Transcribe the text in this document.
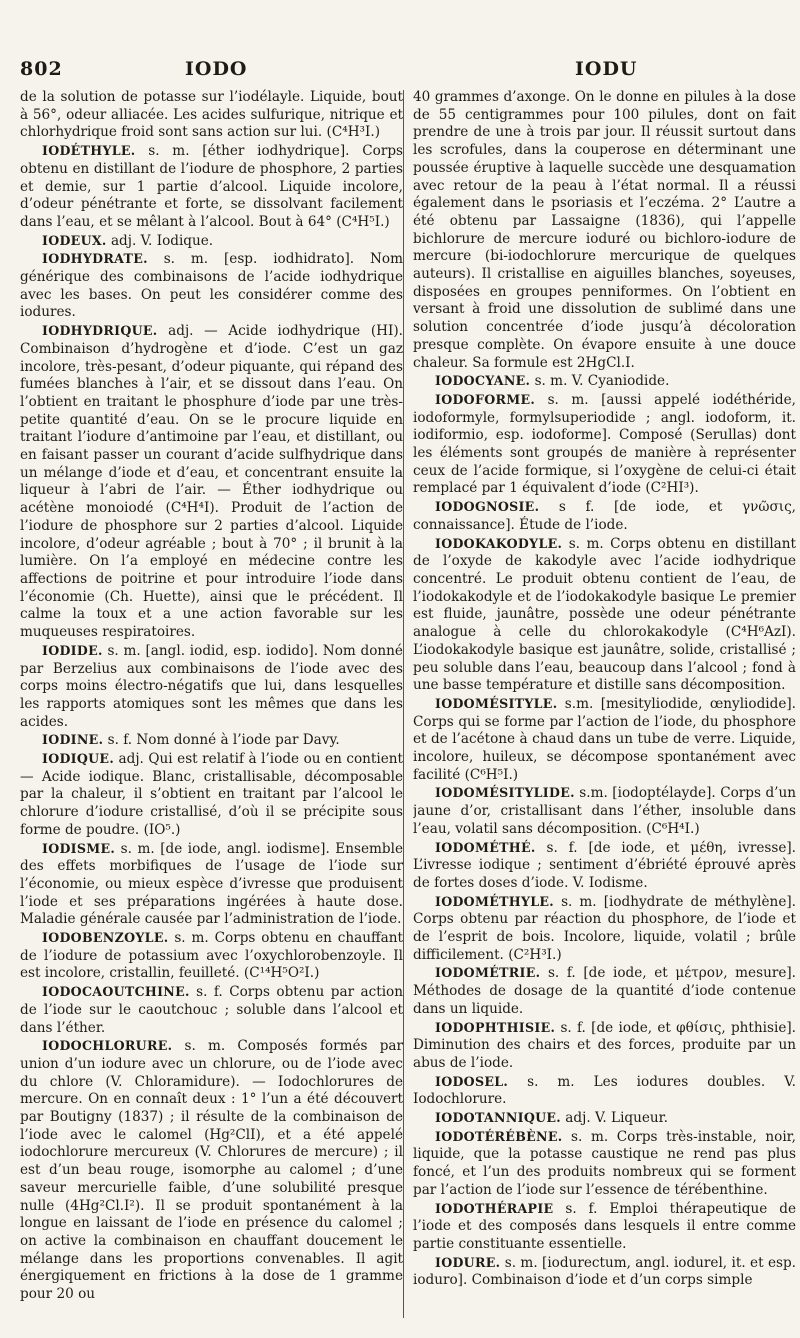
802	IODO	IODU

de la solution de potasse sur l’iodélayle. Liquide, bout à 56°, odeur alliacée. Les acides sulfurique, nitrique et chlorhydrique froid sont sans action sur lui. (C⁴H³I.)

IODÉTHYLE. s. m. [éther iodhydrique]. Corps obtenu en distillant de l’iodure de phosphore, 2 parties et demie, sur 1 partie d’alcool. Liquide incolore, d’odeur pénétrante et forte, se dissolvant facilement dans l’eau, et se mêlant à l’alcool. Bout à 64° (C⁴H⁵I.)

IODEUX. adj. V. Iodique.

IODHYDRATE. s. m. [esp. iodhidrato]. Nom générique des combinaisons de l’acide iodhydrique avec les bases. On peut les considérer comme des iodures.

IODHYDRIQUE. adj. — Acide iodhydrique (HI). Combinaison d’hydrogène et d’iode. C’est un gaz incolore, très-pesant, d’odeur piquante, qui répand des fumées blanches à l’air, et se dissout dans l’eau. On l’obtient en traitant le phosphure d’iode par une très-petite quantité d’eau. On se le procure liquide en traitant l’iodure d’antimoine par l’eau, et distillant, ou en faisant passer un courant d’acide sulfhydrique dans un mélange d’iode et d’eau, et concentrant ensuite la liqueur à l’abri de l’air. — Éther iodhydrique ou acétène monoiodé (C⁴H⁴I). Produit de l’action de l’iodure de phosphore sur 2 parties d’alcool. Liquide incolore, d’odeur agréable ; bout à 70° ; il brunit à la lumière. On l’a employé en médecine contre les affections de poitrine et pour introduire l’iode dans l’économie (Ch. Huette), ainsi que le précédent. Il calme la toux et a une action favorable sur les muqueuses respiratoires.

IODIDE. s. m. [angl. iodid, esp. iodido]. Nom donné par Berzelius aux combinaisons de l’iode avec des corps moins électro-négatifs que lui, dans lesquelles les rapports atomiques sont les mêmes que dans les acides.

IODINE. s. f. Nom donné à l’iode par Davy.

IODIQUE. adj. Qui est relatif à l’iode ou en contient — Acide iodique. Blanc, cristallisable, décomposable par la chaleur, il s’obtient en traitant par l’alcool le chlorure d’iodure cristallisé, d’où il se précipite sous forme de poudre. (IO⁵.)

IODISME. s. m. [de iode, angl. iodisme]. Ensemble des effets morbifiques de l’usage de l’iode sur l’économie, ou mieux espèce d’ivresse que produisent l’iode et ses préparations ingérées à haute dose. Maladie générale causée par l’administration de l’iode.

IODOBENZOYLE. s. m. Corps obtenu en chauffant de l’iodure de potassium avec l’oxychlorobenzoyle. Il est incolore, cristallin, feuilleté. (C¹⁴H⁵O²I.)

IODOCAOUTCHINE. s. f. Corps obtenu par action de l’iode sur le caoutchouc ; soluble dans l’alcool et dans l’éther.

IODOCHLORURE. s. m. Composés formés par union d’un iodure avec un chlorure, ou de l’iode avec du chlore (V. Chloramidure). — Iodochlorures de mercure. On en connaît deux : 1° l’un a été découvert par Boutigny (1837) ; il résulte de la combinaison de l’iode avec le calomel (Hg²ClI), et a été appelé iodochlorure mercureux (V. Chlorures de mercure) ; il est d’un beau rouge, isomorphe au calomel ; d’une saveur mercurielle faible, d’une solubilité presque nulle (4Hg²Cl.I²). Il se produit spontanément à la longue en laissant de l’iode en présence du calomel ; on active la combinaison en chauffant doucement le mélange dans les proportions convenables. Il agit énergiquement en frictions à la dose de 1 gramme pour 20 ou

40 grammes d’axonge. On le donne en pilules à la dose de 55 centigrammes pour 100 pilules, dont on fait prendre de une à trois par jour. Il réussit surtout dans les scrofules, dans la couperose en déterminant une poussée éruptive à laquelle succède une desquamation avec retour de la peau à l’état normal. Il a réussi également dans le psoriasis et l’eczéma. 2° L’autre a été obtenu par Lassaigne (1836), qui l’appelle bichlorure de mercure ioduré ou bichloro-iodure de mercure (bi-iodochlorure mercurique de quelques auteurs). Il cristallise en aiguilles blanches, soyeuses, disposées en groupes penniformes. On l’obtient en versant à froid une dissolution de sublimé dans une solution concentrée d’iode jusqu’à décoloration presque complète. On évapore ensuite à une douce chaleur. Sa formule est 2HgCl.I.

IODOCYANE. s. m. V. Cyaniodide.

IODOFORME. s. m. [aussi appelé iodéthéride, iodoformyle, formylsuperiodide ; angl. iodoform, it. iodiformio, esp. iodoforme]. Composé (Serullas) dont les éléments sont groupés de manière à représenter ceux de l’acide formique, si l’oxygène de celui-ci était remplacé par 1 équivalent d’iode (C²HI³).

IODOGNOSIE. s f. [de iode, et γνῶσις, connaissance]. Étude de l’iode.

IODOKAKODYLE. s. m. Corps obtenu en distillant de l’oxyde de kakodyle avec l’acide iodhydrique concentré. Le produit obtenu contient de l’eau, de l’iodokakodyle et de l’iodokakodyle basique Le premier est fluide, jaunâtre, possède une odeur pénétrante analogue à celle du chlorokakodyle (C⁴H⁶AzI). L’iodokakodyle basique est jaunâtre, solide, cristallisé ; peu soluble dans l’eau, beaucoup dans l’alcool ; fond à une basse température et distille sans décomposition.

IODOMÉSITYLE. s.m. [mesityliodide, œnyliodide]. Corps qui se forme par l’action de l’iode, du phosphore et de l’acétone à chaud dans un tube de verre. Liquide, incolore, huileux, se décompose spontanément avec facilité (C⁶H⁵I.)

IODOMÉSITYLIDE. s.m. [iodoptélayde]. Corps d’un jaune d’or, cristallisant dans l’éther, insoluble dans l’eau, volatil sans décomposition. (C⁶H⁴I.)

IODOMÉTHÉ. s. f. [de iode, et μέθη, ivresse]. L’ivresse iodique ; sentiment d’ébriété éprouvé après de fortes doses d’iode. V. Iodisme.

IODOMÉTHYLE. s. m. [iodhydrate de méthylène]. Corps obtenu par réaction du phosphore, de l’iode et de l’esprit de bois. Incolore, liquide, volatil ; brûle difficilement. (C²H³I.)

IODOMÉTRIE. s. f. [de iode, et μέτρον, mesure]. Méthodes de dosage de la quantité d’iode contenue dans un liquide.

IODOPHTHISIE. s. f. [de iode, et φθίσις, phthisie]. Diminution des chairs et des forces, produite par un abus de l’iode.

IODOSEL. s. m. Les iodures doubles. V. Iodochlorure.

IODOTANNIQUE. adj. V. Liqueur.

IODOTÉRÉBÈNE. s. m. Corps très-instable, noir, liquide, que la potasse caustique ne rend pas plus foncé, et l’un des produits nombreux qui se forment par l’action de l’iode sur l’essence de térébenthine.

IODOTHÉRAPIE s. f. Emploi thérapeutique de l’iode et des composés dans lesquels il entre comme partie constituante essentielle.

IODURE. s. m. [iodurectum, angl. iodurel, it. et esp. ioduro]. Combinaison d’iode et d’un corps simple
